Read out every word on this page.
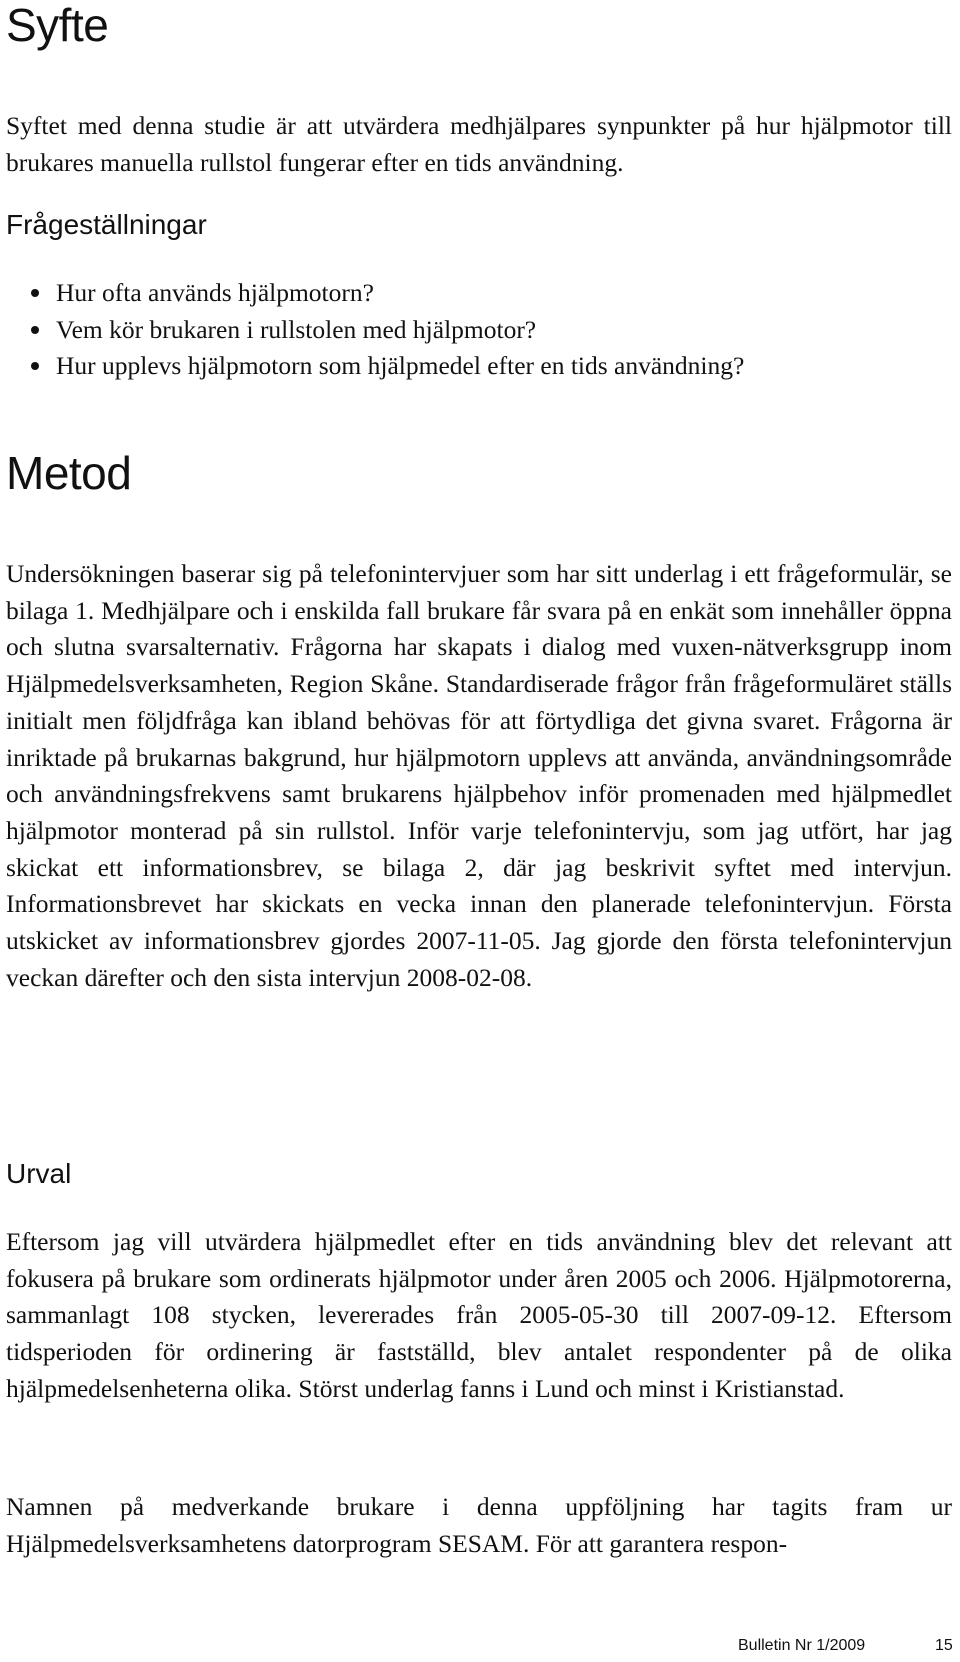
Syfte

Syftet med denna studie är att utvärdera medhjälpares synpunkter på hur hjälpmotor till brukares manuella rullstol fungerar efter en tids användning.

Frågeställningar
Hur ofta används hjälpmotorn?
Vem kör brukaren i rullstolen med hjälpmotor?
Hur upplevs hjälpmotorn som hjälpmedel efter en tids användning?
Metod

Undersökningen baserar sig på telefonintervjuer som har sitt underlag i ett frågeformulär, se bilaga 1. Medhjälpare och i enskilda fall brukare får svara på en enkät som innehåller öppna och slutna svarsalternativ. Frågorna har skapats i dialog med vuxen-nätverksgrupp inom Hjälpmedelsverksamheten, Region Skåne. Standardiserade frågor från frågeformuläret ställs initialt men följdfråga kan ibland behövas för att förtydliga det givna svaret. Frågorna är inriktade på brukarnas bakgrund, hur hjälpmotorn upplevs att använda, användningsområde och användningsfrekvens samt brukarens hjälpbehov inför promenaden med hjälpmedlet hjälpmotor monterad på sin rullstol. Inför varje telefonintervju, som jag utfört, har jag skickat ett informationsbrev, se bilaga 2, där jag beskrivit syftet med intervjun. Informationsbrevet har skickats en vecka innan den planerade telefonintervjun. Första utskicket av informationsbrev gjordes 2007-11-05. Jag gjorde den första telefonintervjun veckan därefter och den sista intervjun 2008-02-08.

Urval

Eftersom jag vill utvärdera hjälpmedlet efter en tids användning blev det relevant att fokusera på brukare som ordinerats hjälpmotor under åren 2005 och 2006. Hjälpmotorerna, sammanlagt 108 stycken, levererades från 2005-05-30 till 2007-09-12. Eftersom tidsperioden för ordinering är fastställd, blev antalet respondenter på de olika hjälpmedelsenheterna olika. Störst underlag fanns i Lund och minst i Kristianstad.

Namnen på medverkande brukare i denna uppföljning har tagits fram ur Hjälpmedelsverksamhetens datorprogram SESAM. För att garantera respon-

Bulletin Nr 1/2009	15
